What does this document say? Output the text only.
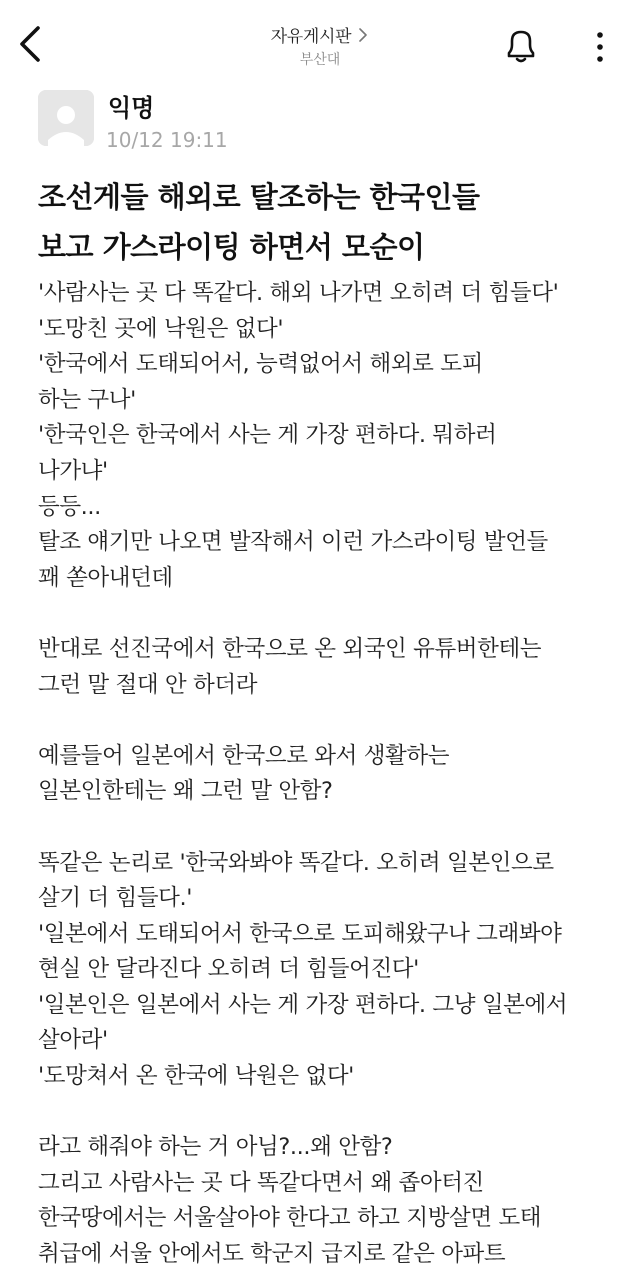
자유게시판
부산대
익명
10/12 19:11
조선게들 해외로 탈조하는 한국인들
보고 가스라이팅 하면서 모순이
'사람사는 곳 다 똑같다. 해외 나가면 오히려 더 힘들다'
'도망친 곳에 낙원은 없다'
'한국에서 도태되어서, 능력없어서 해외로 도피
하는 구나'
'한국인은 한국에서 사는 게 가장 편하다. 뭐하러
나가냐'
등등...
탈조 얘기만 나오면 발작해서 이런 가스라이팅 발언들
꽤 쏟아내던데
반대로 선진국에서 한국으로 온 외국인 유튜버한테는
그런 말 절대 안 하더라
예를들어 일본에서 한국으로 와서 생활하는
일본인한테는 왜 그런 말 안함?
똑같은 논리로 '한국와봐야 똑같다. 오히려 일본인으로
살기 더 힘들다.'
'일본에서 도태되어서 한국으로 도피해왔구나 그래봐야
현실 안 달라진다 오히려 더 힘들어진다'
'일본인은 일본에서 사는 게 가장 편하다. 그냥 일본에서
살아라'
'도망쳐서 온 한국에 낙원은 없다'
라고 해줘야 하는 거 아님?...왜 안함?
그리고 사람사는 곳 다 똑같다면서 왜 좁아터진
한국땅에서는 서울살아야 한다고 하고 지방살면 도태
취급에 서울 안에서도 학군지 급지로 같은 아파트
